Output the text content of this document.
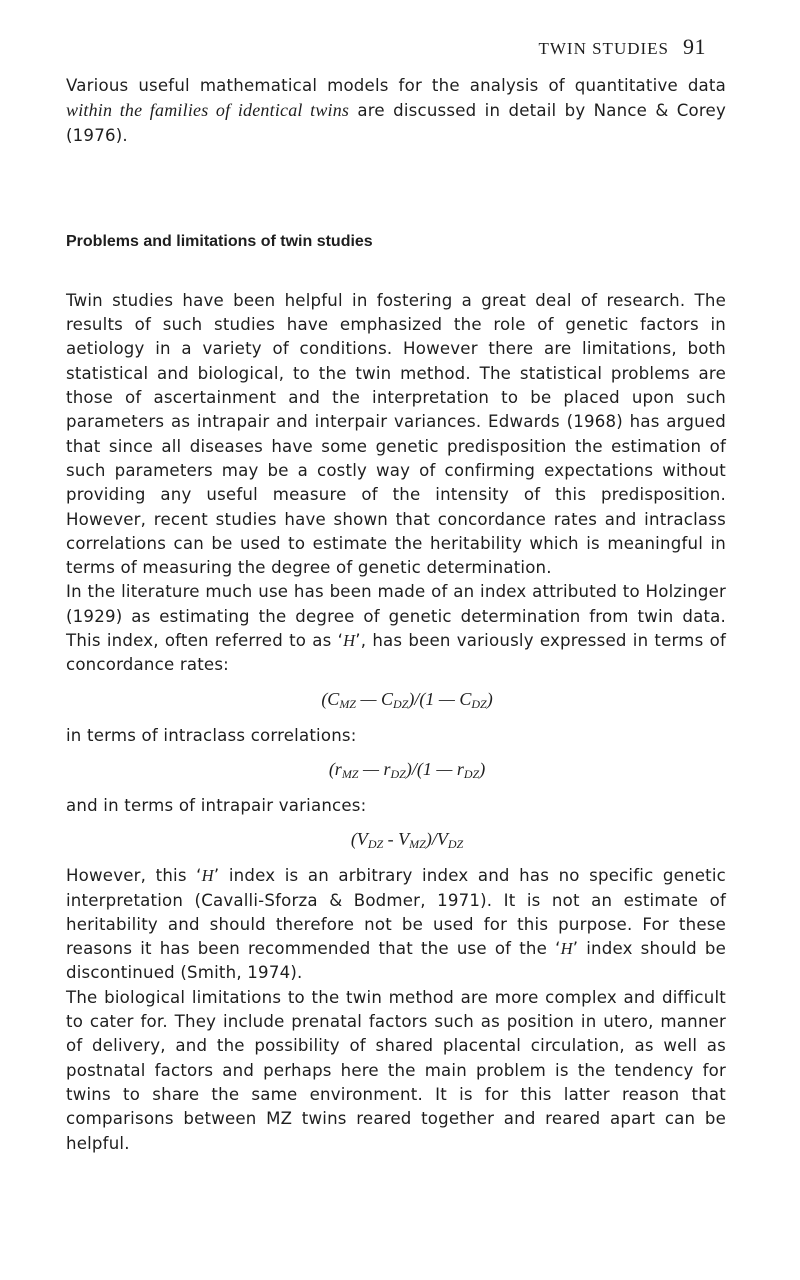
TWIN STUDIES 91

Various useful mathematical models for the analysis of quantitative data within the families of identical twins are discussed in detail by Nance & Corey (1976).

Problems and limitations of twin studies

Twin studies have been helpful in fostering a great deal of research. The results of such studies have emphasized the role of genetic factors in aetiology in a variety of conditions. However there are limitations, both statistical and biological, to the twin method. The statistical problems are those of ascertainment and the interpretation to be placed upon such parameters as intrapair and interpair variances. Edwards (1968) has argued that since all diseases have some genetic predisposition the estimation of such parameters may be a costly way of confirming expectations without providing any useful measure of the intensity of this predisposition. However, recent studies have shown that concordance rates and intraclass correlations can be used to estimate the heritability which is meaningful in terms of measuring the degree of genetic determination.

In the literature much use has been made of an index attributed to Holzinger (1929) as estimating the degree of genetic determination from twin data. This index, often referred to as ‘H’, has been variously expressed in terms of concordance rates:

($C_{MZ}$ — $C_{DZ})/(1$ — $C_{DZ}$)

in terms of intraclass correlations:

($r_{MZ}$ — $r_{DZ})/(1$ — $r_{DZ}$)

and in terms of intrapair variances:

$(V_{DZ} - V_{MZ})/V_{DZ}$

However, this ‘H’ index is an arbitrary index and has no specific genetic interpretation (Cavalli-Sforza & Bodmer, 1971). It is not an estimate of heritability and should therefore not be used for this purpose. For these reasons it has been recommended that the use of the ‘H’ index should be discontinued (Smith, 1974).

The biological limitations to the twin method are more complex and difficult to cater for. They include prenatal factors such as position in utero, manner of delivery, and the possibility of shared placental circulation, as well as postnatal factors and perhaps here the main problem is the tendency for twins to share the same environment. It is for this latter reason that comparisons between MZ twins reared together and reared apart can be helpful.
